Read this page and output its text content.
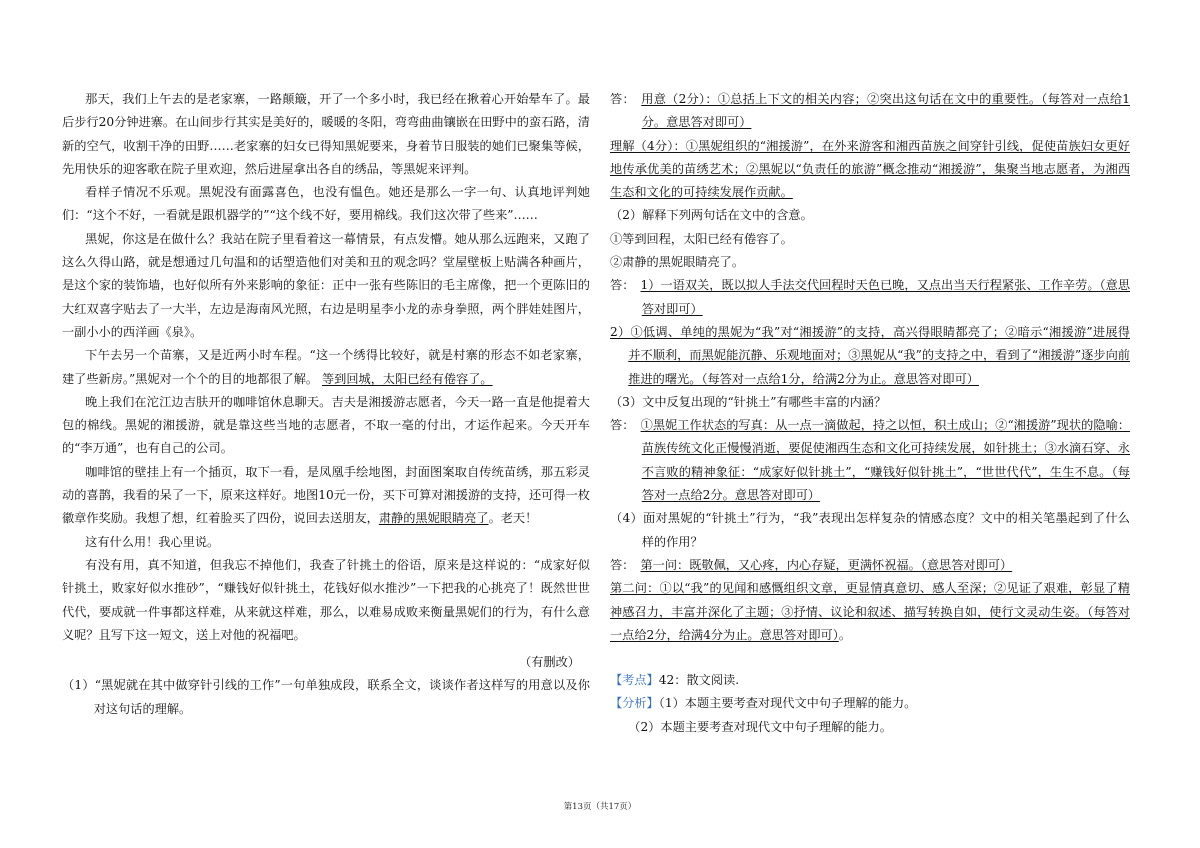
那天，我们上午去的是老家寨，一路颠簸，开了一个多小时，我已经在揪着心开始晕车了。最后步行20分钟进寨。在山间步行其实是美好的，暖暖的冬阳，弯弯曲曲镶嵌在田野中的蛮石路，清新的空气，收割干净的田野……老家寨的妇女已得知黑妮要来，身着节日服装的她们已聚集等候，先用快乐的迎客歌在院子里欢迎，然后进屋拿出各自的绣品，等黑妮来评判。

看样子情况不乐观。黑妮没有面露喜色，也没有愠色。她还是那么一字一句、认真地评判她们：“这个不好，一看就是跟机器学的”“这个线不好，要用棉线。我们这次带了些来”……

黑妮，你这是在做什么？我站在院子里看着这一幕情景，有点发懵。她从那么远跑来，又跑了这么久得山路，就是想通过几句温和的话塑造他们对美和丑的观念吗？堂屋壁板上贴满各种画片，是这个家的装饰墙，也好似所有外来影响的象征：正中一张有些陈旧的毛主席像，把一个更陈旧的大红双喜字贴去了一大半，左边是海南风光照，右边是明星李小龙的赤身拳照，两个胖娃娃图片，一副小小的西洋画《泉》。

下午去另一个苗寨，又是近两小时车程。“这一个绣得比较好，就是村寨的形态不如老家寨，建了些新房。”黑妮对一个个的目的地都很了解。 等到回城，太阳已经有倦容了。

晚上我们在沱江边吉肤开的咖啡馆休息聊天。吉夫是湘援游志愿者，今天一路一直是他提着大包的棉线。黑妮的湘援游，就是靠这些当地的志愿者，不取一毫的付出，才运作起来。今天开车的“李万通”，也有自己的公司。

咖啡馆的壁挂上有一个插页，取下一看，是凤凰手绘地图，封面图案取自传统苗绣，那五彩灵动的喜鹊，我看的呆了一下，原来这样好。地图10元一份，买下可算对湘援游的支持，还可得一枚徽章作奖励。我想了想，红着脸买了四份，说回去送朋友，肃静的黑妮眼睛亮了。老天！

这有什么用！我心里说。

有没有用，真不知道，但我忘不掉他们，我查了针挑土的俗语，原来是这样说的：“成家好似针挑土，败家好似水推砂”，“赚钱好似针挑土，花钱好似水推沙”一下把我的心挑亮了！既然世世代代，要成就一件事都这样难，从来就这样难，那么，以难易成败来衡量黑妮们的行为，有什么意义呢？且写下这一短文，送上对他的祝福吧。

（有删改）

（1）“黑妮就在其中做穿针引线的工作”一句单独成段，联系全文，谈谈作者这样写的用意以及你对这句话的理解。

答：　 用意（2分）：①总括上下文的相关内容；②突出这句话在文中的重要性。（每答对一点给1分。意思答对即可）

理解（4分）：①黑妮组织的“湘援游”，在外来游客和湘西苗族之间穿针引线，促使苗族妇女更好地传承优美的苗绣艺术；②黑妮以“负责任的旅游”概念推动“湘援游”，集聚当地志愿者，为湘西生态和文化的可持续发展作贡献。

（2）解释下列两句话在文中的含意。

①等到回程，太阳已经有倦容了。

②肃静的黑妮眼睛亮了。

答：　 1）一语双关，既以拟人手法交代回程时天色已晚，又点出当天行程紧张、工作辛劳。（意思答对即可）

2）①低调、单纯的黑妮为“我”对“湘援游”的支持，高兴得眼睛都亮了；②暗示“湘援游”进展得并不顺利，而黑妮能沉静、乐观地面对；③黑妮从“我”的支持之中，看到了“湘援游”逐步向前推进的曙光。（每答对一点给1分，给满2分为止。意思答对即可）

（3）文中反复出现的“针挑土”有哪些丰富的内涵？

答：　 ①黑妮工作状态的写真：从一点一滴做起，持之以恒，积土成山；②“湘援游”现状的隐喻：苗族传统文化正慢慢消逝，要促使湘西生态和文化可持续发展，如针挑土；③水滴石穿、永不言败的精神象征：“成家好似针挑土”，“赚钱好似针挑土”，“世世代代”，生生不息。（每答对一点给2分。意思答对即可）

（4）面对黑妮的“针挑土”行为，“我”表现出怎样复杂的情感态度？文中的相关笔墨起到了什么样的作用？

答：　 第一问：既敬佩，又心疼，内心存疑，更满怀祝福。（意思答对即可）

第二问：①以“我”的见闻和感慨组织文章，更显情真意切、感人至深；②见证了艰难，彰显了精神感召力，丰富并深化了主题；③抒情、议论和叙述、描写转换自如，使行文灵动生姿。（每答对一点给2分，给满4分为止。意思答对即可）。

【考点】42：散文阅读.

【分析】（1）本题主要考查对现代文中句子理解的能力。

　　（2）本题主要考查对现代文中句子理解的能力。

第13页（共17页）
